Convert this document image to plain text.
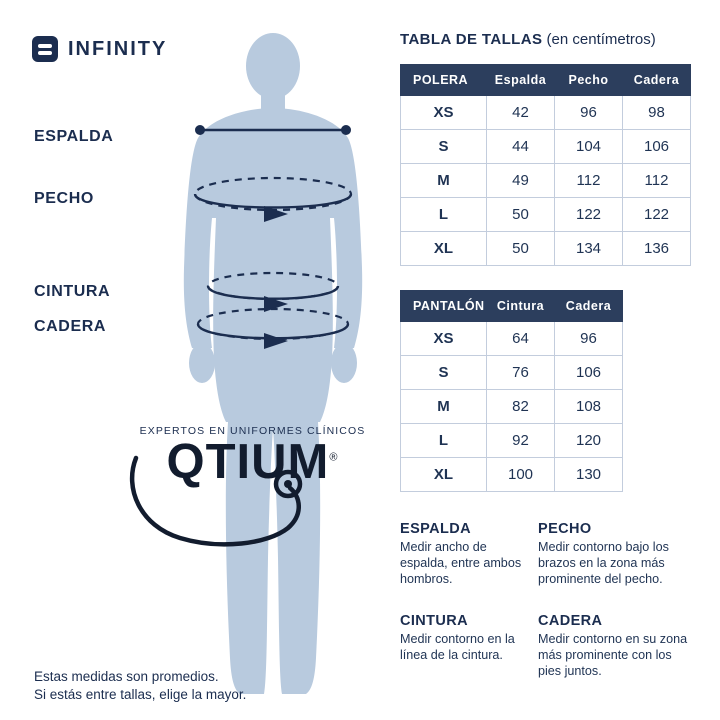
INFINITY
ESPALDA
PECHO
CINTURA
CADERA
EXPERTOS EN UNIFORMES CLÍNICOS
QTIUM®
Estas medidas son promedios.
Si estás entre tallas, elige la mayor.
TABLA DE TALLAS (en centímetros)
POLERA	Espalda	Pecho	Cadera
XS	42	96	98
S	44	104	106
M	49	112	112
L	50	122	122
XL	50	134	136
PANTALÓN	Cintura	Cadera
XS	64	96
S	76	106
M	82	108
L	92	120
XL	100	130
ESPALDA

Medir ancho de espalda, entre ambos hombros.

PECHO

Medir contorno bajo los brazos en la zona más prominente del pecho.

CINTURA

Medir contorno en la línea de la cintura.

CADERA

Medir contorno en su zona más prominente con los pies juntos.
